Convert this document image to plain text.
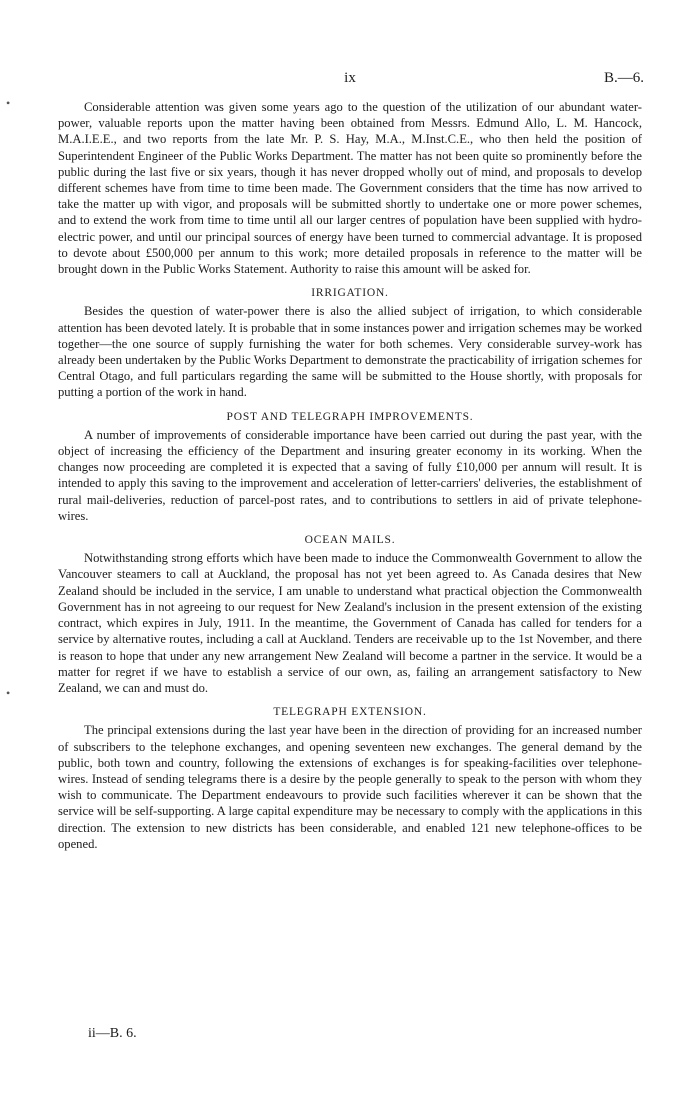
ix	B.—6.
•
•

Considerable attention was given some years ago to the question of the utilization of our abundant water-power, valuable reports upon the matter having been obtained from Messrs. Edmund Allo, L. M. Hancock, M.A.I.E.E., and two reports from the late Mr. P. S. Hay, M.A., M.Inst.C.E., who then held the position of Superintendent Engineer of the Public Works Department. The matter has not been quite so prominently before the public during the last five or six years, though it has never dropped wholly out of mind, and proposals to develop different schemes have from time to time been made. The Government considers that the time has now arrived to take the matter up with vigor, and proposals will be submitted shortly to undertake one or more power schemes, and to extend the work from time to time until all our larger centres of population have been supplied with hydro-electric power, and until our principal sources of energy have been turned to commercial advantage. It is proposed to devote about £500,000 per annum to this work; more detailed proposals in reference to the matter will be brought down in the Public Works Statement. Authority to raise this amount will be asked for.

IRRIGATION.

Besides the question of water-power there is also the allied subject of irrigation, to which considerable attention has been devoted lately. It is probable that in some instances power and irrigation schemes may be worked together—the one source of supply furnishing the water for both schemes. Very considerable survey-work has already been undertaken by the Public Works Department to demonstrate the practicability of irrigation schemes for Central Otago, and full particulars regarding the same will be submitted to the House shortly, with proposals for putting a portion of the work in hand.

POST AND TELEGRAPH IMPROVEMENTS.

A number of improvements of considerable importance have been carried out during the past year, with the object of increasing the efficiency of the Department and insuring greater economy in its working. When the changes now proceeding are completed it is expected that a saving of fully £10,000 per annum will result. It is intended to apply this saving to the improvement and acceleration of letter-carriers' deliveries, the establishment of rural mail-deliveries, reduction of parcel-post rates, and to contributions to settlers in aid of private telephone-wires.

OCEAN MAILS.

Notwithstanding strong efforts which have been made to induce the Commonwealth Government to allow the Vancouver steamers to call at Auckland, the proposal has not yet been agreed to. As Canada desires that New Zealand should be included in the service, I am unable to understand what practical objection the Commonwealth Government has in not agreeing to our request for New Zealand's inclusion in the present extension of the existing contract, which expires in July, 1911. In the meantime, the Government of Canada has called for tenders for a service by alternative routes, including a call at Auckland. Tenders are receivable up to the 1st November, and there is reason to hope that under any new arrangement New Zealand will become a partner in the service. It would be a matter for regret if we have to establish a service of our own, as, failing an arrangement satisfactory to New Zealand, we can and must do.

TELEGRAPH EXTENSION.

The principal extensions during the last year have been in the direction of providing for an increased number of subscribers to the telephone exchanges, and opening seventeen new exchanges. The general demand by the public, both town and country, following the extensions of exchanges is for speaking-facilities over telephone-wires. Instead of sending telegrams there is a desire by the people generally to speak to the person with whom they wish to communicate. The Department endeavours to provide such facilities wherever it can be shown that the service will be self-supporting. A large capital expenditure may be necessary to comply with the applications in this direction. The extension to new districts has been considerable, and enabled 121 new telephone-offices to be opened.

ii—B. 6.
